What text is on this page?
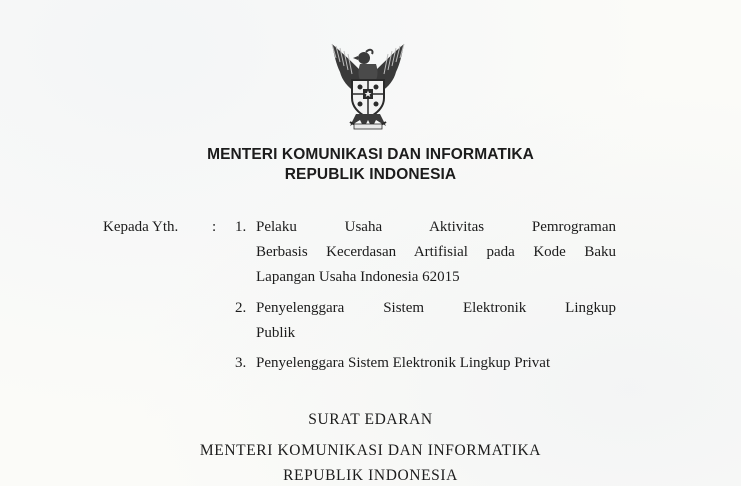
MENTERI KOMUNIKASI DAN INFORMATIKA
REPUBLIK INDONESIA
Kepada Yth.	: 1. Pelaku Usaha Aktivitas Pemrograman
Berbasis Kecerdasan Artifisial pada Kode Baku
Lapangan Usaha Indonesia 62015
2. Penyelenggara Sistem Elektronik Lingkup
Publik
3. Penyelenggara Sistem Elektronik Lingkup Privat
SURAT EDARAN
MENTERI KOMUNIKASI DAN INFORMATIKA
REPUBLIK INDONESIA
